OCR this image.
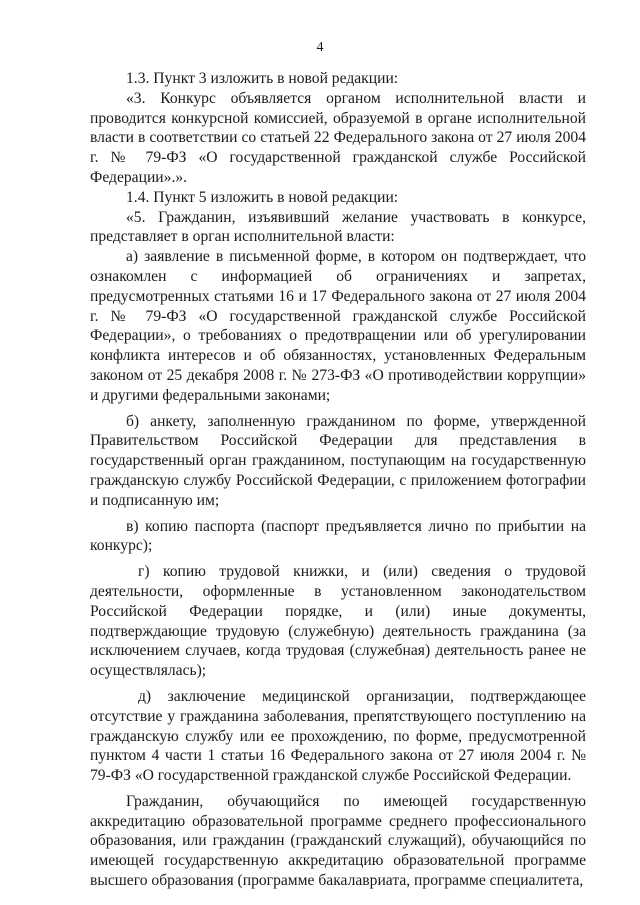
4

1.3. Пункт 3 изложить в новой редакции:

«3. Конкурс объявляется органом исполнительной власти и проводится конкурсной комиссией, образуемой в органе исполнительной власти в соответствии со статьей 22 Федерального закона от 27 июля 2004 г. № 79-ФЗ «О государственной гражданской службе Российской Федерации».».

1.4. Пункт 5 изложить в новой редакции:

«5. Гражданин, изъявивший желание участвовать в конкурсе, представляет в орган исполнительной власти:

а) заявление в письменной форме, в котором он подтверждает, что ознакомлен с информацией об ограничениях и запретах, предусмотренных статьями 16 и 17 Федерального закона от 27 июля 2004 г. № 79-ФЗ «О государственной гражданской службе Российской Федерации», о требованиях о предотвращении или об урегулировании конфликта интересов и об обязанностях, установленных Федеральным законом от 25 декабря 2008 г. № 273-ФЗ «О противодействии коррупции» и другими федеральными законами;

б) анкету, заполненную гражданином по форме, утвержденной Правительством Российской Федерации для представления в государственный орган гражданином, поступающим на государственную гражданскую службу Российской Федерации, с приложением фотографии и подписанную им;

в) копию паспорта (паспорт предъявляется лично по прибытии на конкурс);

г) копию трудовой книжки, и (или) сведения о трудовой деятельности, оформленные в установленном законодательством Российской Федерации порядке, и (или) иные документы, подтверждающие трудовую (служебную) деятельность гражданина (за исключением случаев, когда трудовая (служебная) деятельность ранее не осуществлялась);

д) заключение медицинской организации, подтверждающее отсутствие у гражданина заболевания, препятствующего поступлению на гражданскую службу или ее прохождению, по форме, предусмотренной пунктом 4 части 1 статьи 16 Федерального закона от 27 июля 2004 г. № 79-ФЗ «О государственной гражданской службе Российской Федерации.

Гражданин, обучающийся по имеющей государственную аккредитацию образовательной программе среднего профессионального образования, или гражданин (гражданский служащий), обучающийся по имеющей государственную аккредитацию образовательной программе высшего образования (программе бакалавриата, программе специалитета,
